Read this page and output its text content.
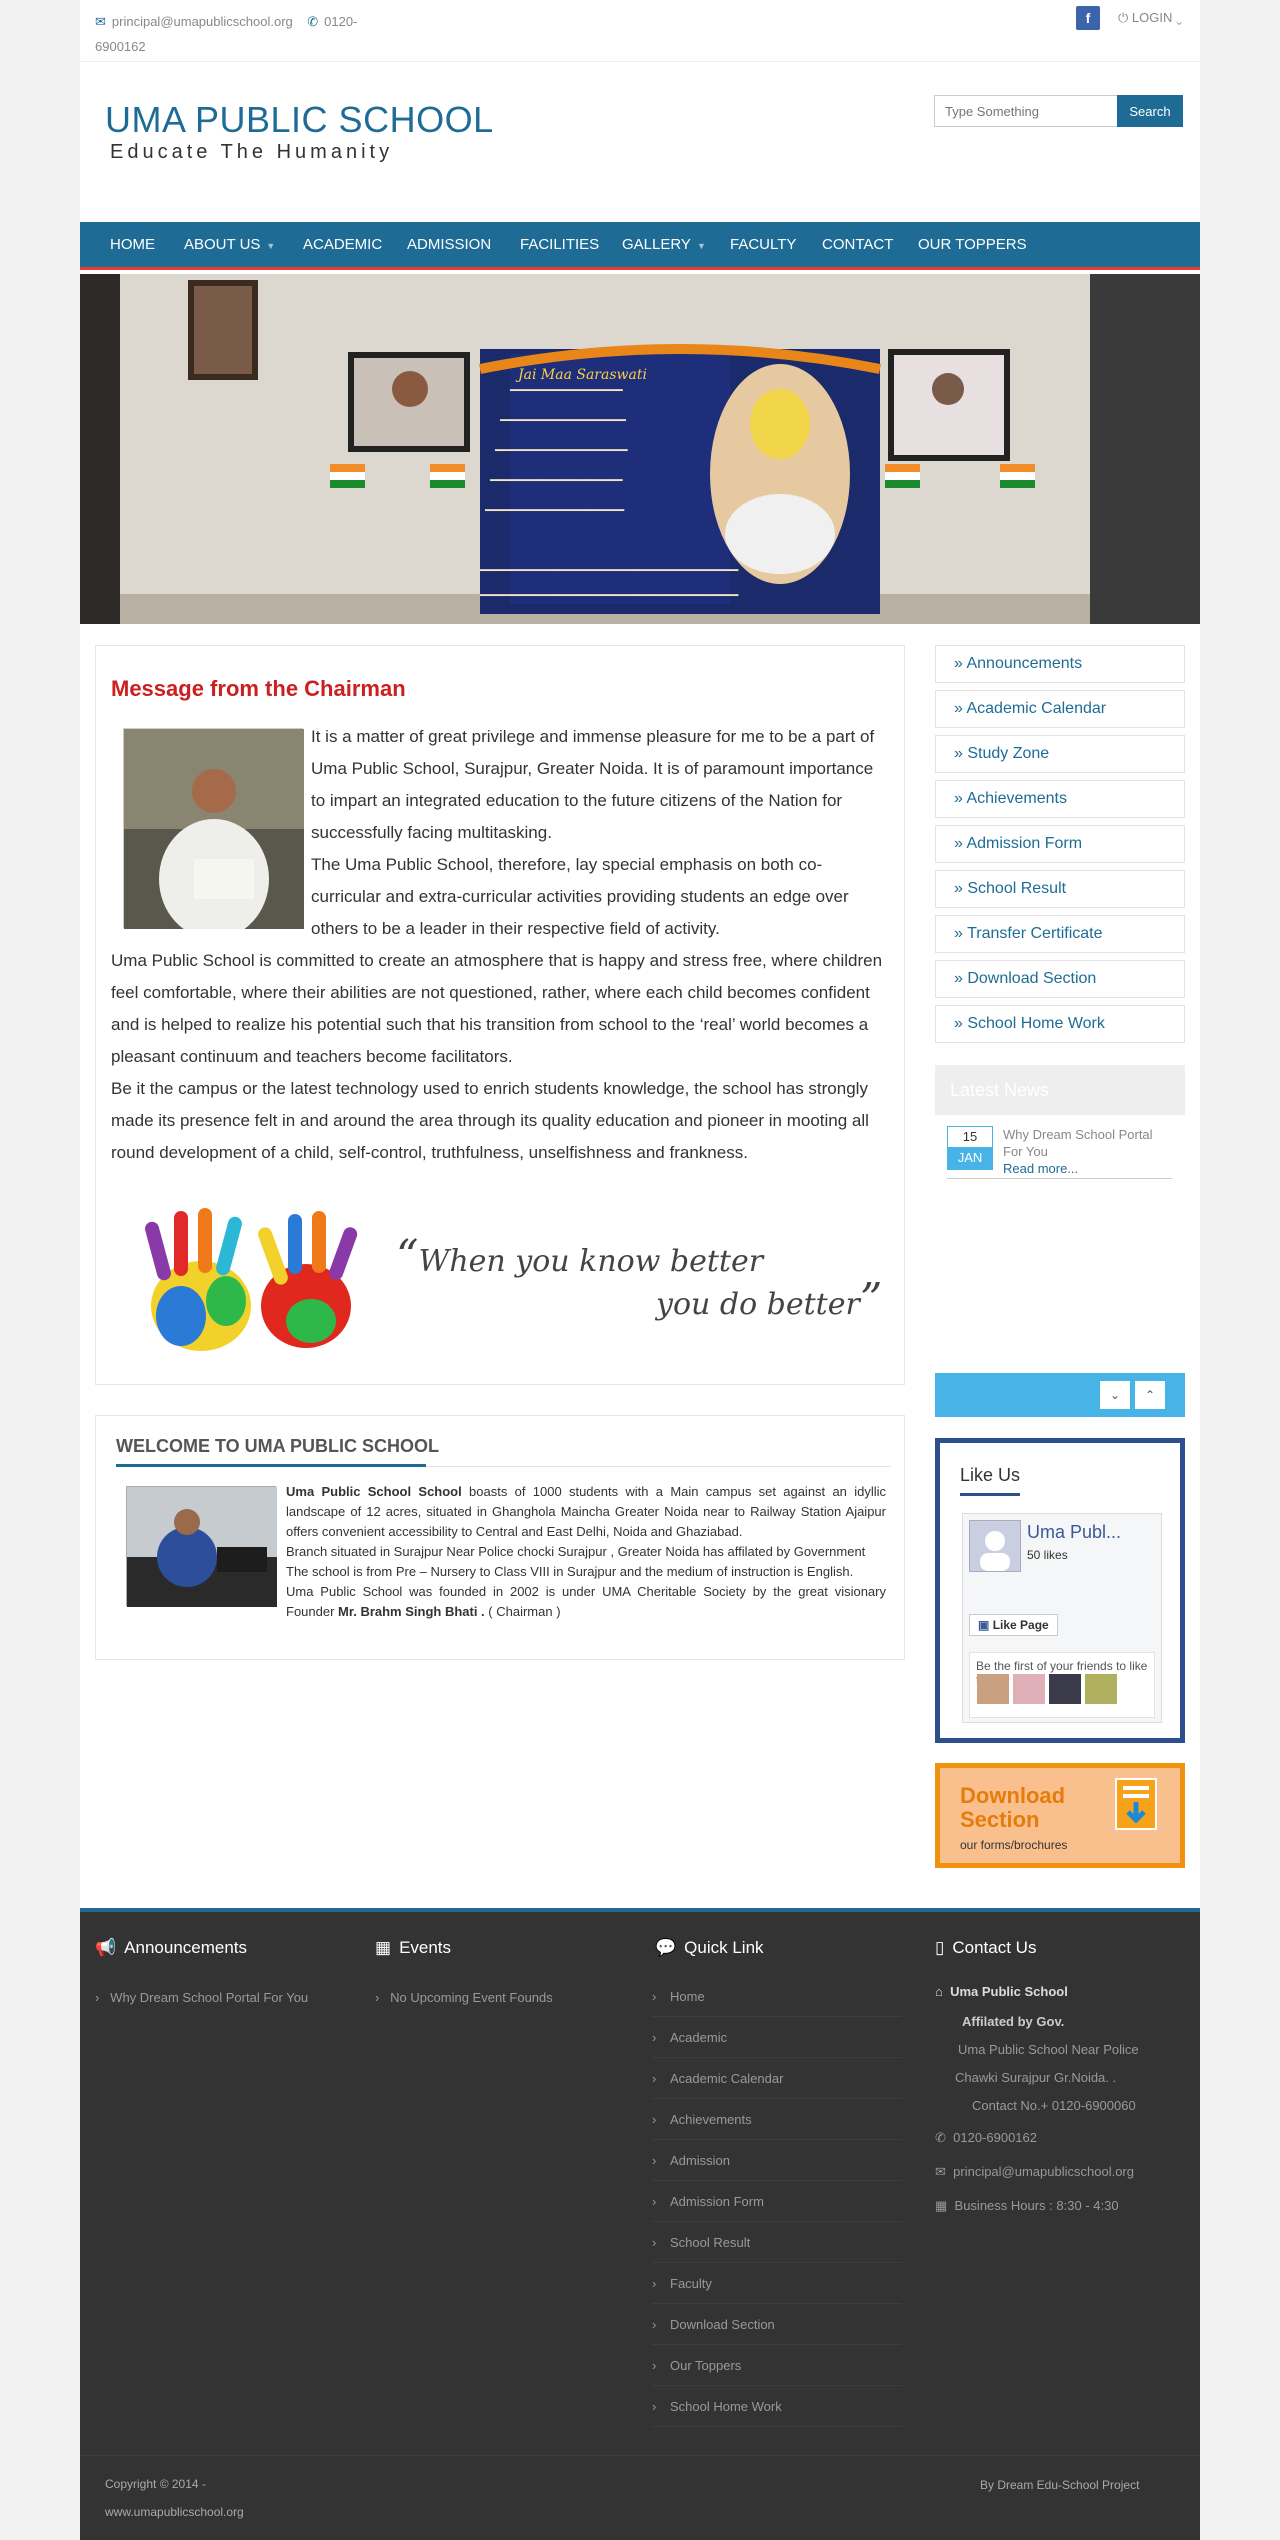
✉ principal@umapublicschool.org ✆ 0120-6900162
f	⏻ LOGIN ⌄
UMA PUBLIC SCHOOL
Educate The Humanity
Type Something
Search
HOME ABOUT US ▼ ACADEMIC ADMISSION FACILITIES GALLERY ▼ FACULTY CONTACT OUR TOPPERS
━━━━━━━━━━━━━━━━━
━━━━━━━━━━━━━━━━━━━
━━━━━━━━━━━━━━━━━━━━
━━━━━━━━━━━━━━━━━━━━
━━━━━━━━━━━━━━━━━━━━━
━━━━━━━━━━━━━━━━━━━━━━━━━━━━━━━━━━━━━━━
━━━━━━━━━━━━━━━━━━━━━━━━━━━━━━━━━━━━━━━
Jai Maa Saraswati
Message from the Chairman

It is a matter of great privilege and immense pleasure for me to be a part of Uma Public School, Surajpur, Greater Noida. It is of paramount importance to impart an integrated education to the future citizens of the Nation for successfully facing multitasking.

The Uma Public School, therefore, lay special emphasis on both co-curricular and extra-curricular activities providing students an edge over others to be a leader in their respective field of activity.

Uma Public School is committed to create an atmosphere that is happy and stress free, where children feel comfortable, where their abilities are not questioned, rather, where each child becomes confident and is helped to realize his potential such that his transition from school to the ‘real’ world becomes a pleasant continuum and teachers become facilitators.

Be it the campus or the latest technology used to enrich students knowledge, the school has strongly made its presence felt in and around the area through its quality education and pioneer in mooting all round development of a child, self-control, truthfulness, unselfishness and frankness.

“When you know better
you do better”
WELCOME TO UMA PUBLIC SCHOOL
Uma Public School School boasts of 1000 students with a Main campus set against an idyllic landscape of 12 acres, situated in Ghanghola Maincha Greater Noida near to Railway Station Ajaipur offers convenient accessibility to Central and East Delhi, Noida and Ghaziabad.
Branch situated in Surajpur Near Police chocki Surajpur , Greater Noida has affilated by Government
The school is from Pre – Nursery to Class VIII in Surajpur and the medium of instruction is English.
Uma Public School was founded in 2002 is under UMA Cheritable Society by the great visionary Founder Mr. Brahm Singh Bhati . ( Chairman )
» Announcements
» Academic Calendar
» Study Zone
» Achievements
» Admission Form
» School Result
» Transfer Certificate
» Download Section
» School Home Work
Latest News
15
JAN
Why Dream School Portal For You
Read more...
⌄	⌃
Like Us
Uma Publ...
50 likes
▣ Like Page
Be the first of your friends to like
Download Section
our forms/brochures
📢 Announcements
›   Why Dream School Portal For You
▦ Events
›   No Upcoming Event Founds
💬 Quick Link
› Home
› Academic
› Academic Calendar
› Achievements
› Admission
› Admission Form
› School Result
› Faculty
› Download Section
› Our Toppers
› School Home Work
▯ Contact Us
⌂ Uma Public School
Affilated by Gov.
Uma Public School Near Police
Chawki Surajpur Gr.Noida. .
Contact No.+ 0120-6900060
✆ 0120-6900162
✉ principal@umapublicschool.org
▦ Business Hours : 8:30 - 4:30
Copyright © 2014 -
www.umapublicschool.org
By Dream Edu-School Project
